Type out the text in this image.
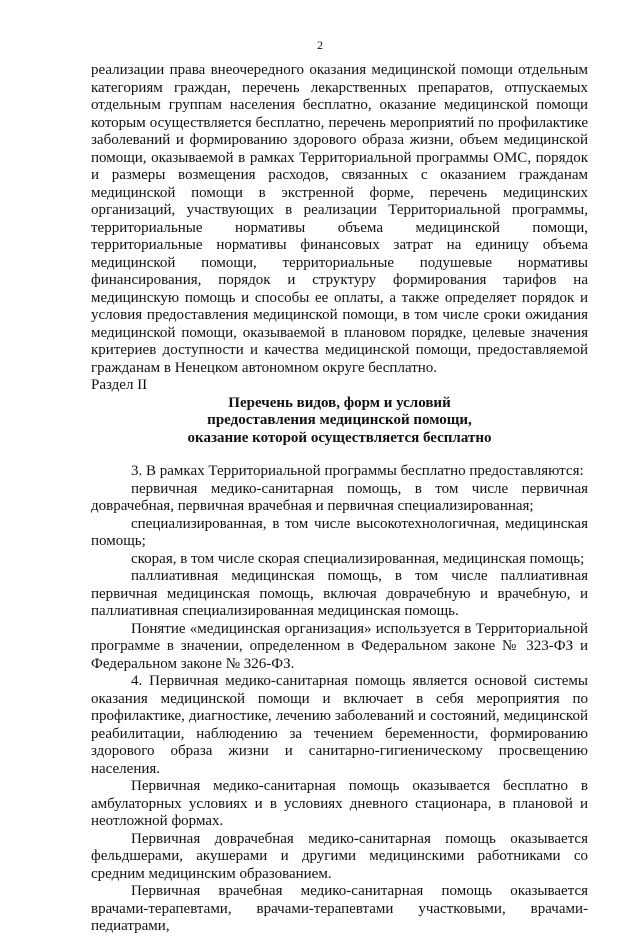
2

реализации права внеочередного оказания медицинской помощи отдельным категориям граждан, перечень лекарственных препаратов, отпускаемых отдельным группам населения бесплатно, оказание медицинской помощи которым осуществляется бесплатно, перечень мероприятий по профилактике заболеваний и формированию здорового образа жизни, объем медицинской помощи, оказываемой в рамках Территориальной программы ОМС, порядок и размеры возмещения расходов, связанных с оказанием гражданам медицинской помощи в экстренной форме, перечень медицинских организаций, участвующих в реализации Территориальной программы, территориальные нормативы объема медицинской помощи, территориальные нормативы финансовых затрат на единицу объема медицинской помощи, территориальные подушевые нормативы финансирования, порядок и структуру формирования тарифов на медицинскую помощь и способы ее оплаты, а также определяет порядок и условия предоставления медицинской помощи, в том числе сроки ожидания медицинской помощи, оказываемой в плановом порядке, целевые значения критериев доступности и качества медицинской помощи, предоставляемой гражданам в Ненецком автономном округе бесплатно.

Раздел II

Перечень видов, форм и условий
предоставления медицинской помощи,
оказание которой осуществляется бесплатно

3. В рамках Территориальной программы бесплатно предоставляются:

первичная медико-санитарная помощь, в том числе первичная доврачебная, первичная врачебная и первичная специализированная;

специализированная, в том числе высокотехнологичная, медицинская помощь;

скорая, в том числе скорая специализированная, медицинская помощь;

паллиативная медицинская помощь, в том числе паллиативная первичная медицинская помощь, включая доврачебную и врачебную, и паллиативная специализированная медицинская помощь.

Понятие «медицинская организация» используется в Территориальной программе в значении, определенном в Федеральном законе № 323-ФЗ и Федеральном законе № 326-ФЗ.

4. Первичная медико-санитарная помощь является основой системы оказания медицинской помощи и включает в себя мероприятия по профилактике, диагностике, лечению заболеваний и состояний, медицинской реабилитации, наблюдению за течением беременности, формированию здорового образа жизни и санитарно-гигиеническому просвещению населения.

Первичная медико-санитарная помощь оказывается бесплатно в амбулаторных условиях и в условиях дневного стационара, в плановой и неотложной формах.

Первичная доврачебная медико-санитарная помощь оказывается фельдшерами, акушерами и другими медицинскими работниками со средним медицинским образованием.

Первичная врачебная медико-санитарная помощь оказывается врачами-терапевтами, врачами-терапевтами участковыми, врачами-педиатрами,
